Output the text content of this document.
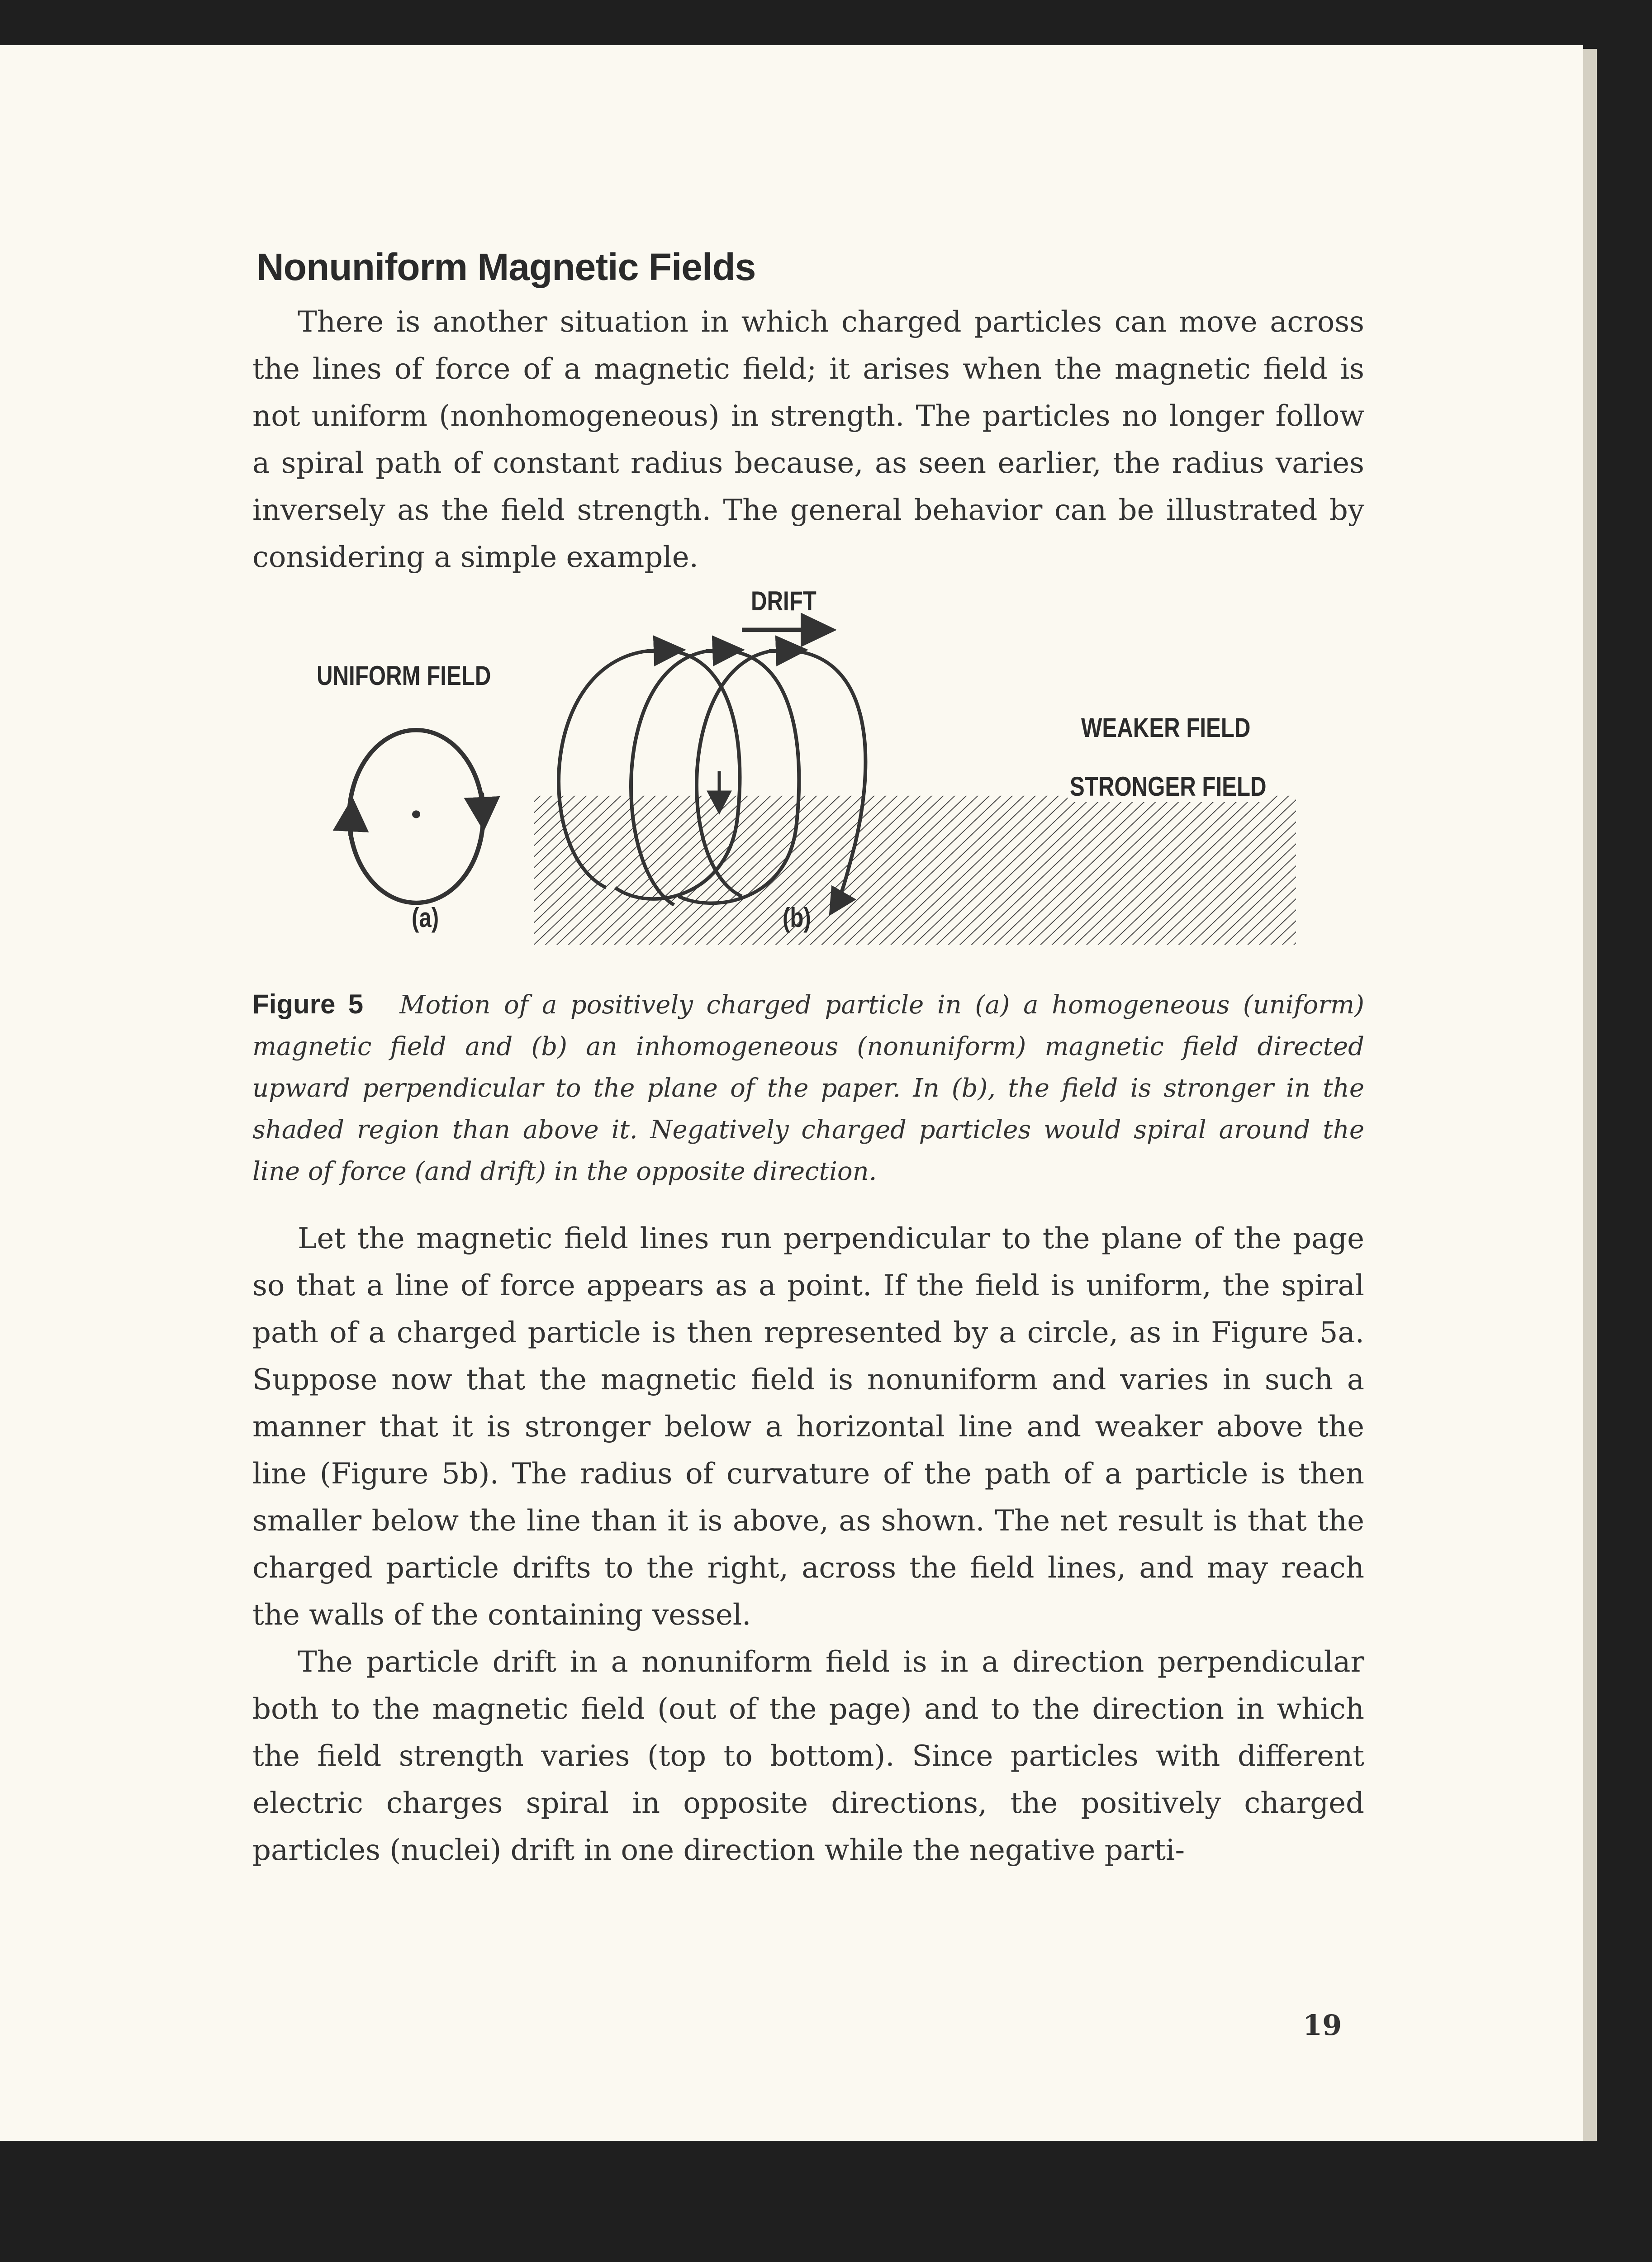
Nonuniform Magnetic Fields

There is another situation in which charged particles can move across the lines of force of a magnetic field; it arises when the magnetic field is not uniform (nonhomogeneous) in strength. The particles no longer follow a spiral path of constant radius because, as seen earlier, the radius varies inversely as the field strength. The general behavior can be illustrated by considering a simple example.

DRIFT
UNIFORM FIELD
WEAKER FIELD
STRONGER FIELD
(a)	(b)
Figure 5 Motion of a positively charged particle in (a) a homogeneous (uniform) magnetic field and (b) an inhomogeneous (nonuniform) magnetic field directed upward perpendicular to the plane of the paper. In (b), the field is stronger in the shaded region than above it. Negatively charged particles would spiral around the line of force (and drift) in the opposite direction.

Let the magnetic field lines run perpendicular to the plane of the page so that a line of force appears as a point. If the field is uniform, the spiral path of a charged particle is then represented by a circle, as in Figure 5a. Suppose now that the magnetic field is nonuniform and varies in such a manner that it is stronger below a horizontal line and weaker above the line (Figure 5b). The radius of curvature of the path of a particle is then smaller below the line than it is above, as shown. The net result is that the charged particle drifts to the right, across the field lines, and may reach the walls of the containing vessel.

The particle drift in a nonuniform field is in a direction perpendicular both to the magnetic field (out of the page) and to the direction in which the field strength varies (top to bottom). Since particles with different electric charges spiral in opposite directions, the positively charged particles (nuclei) drift in one direction while the negative parti-

19
